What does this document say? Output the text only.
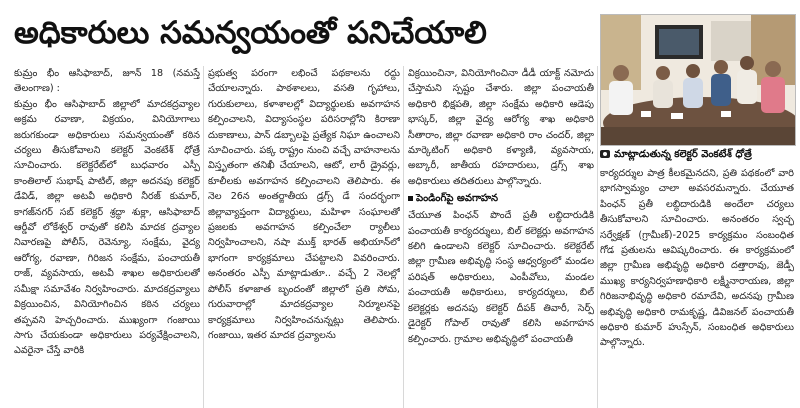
అధికారులు సమన్వయంతో పనిచేయాలి
మాట్లాడుతున్న కలెక్టర్ వెంకటేశ్ ధోత్రే

కుమ్రం భీం ఆసిఫాబాద్, జూన్ 18 (నమస్తే తెలంగాణ) :

కుమ్రం భీం ఆసిఫాబాద్ జిల్లాలో మాదకద్రవ్యాల అక్రమ రవాణా, విక్రయం, వినియోగాలు జరుగకుండా అధికారులు సమన్వయంతో కఠిన చర్యలు తీసుకోవాలని కలెక్టర్ వెంకటేశ్ ధోత్రే సూచించారు. కలెక్టరేట్‌లో బుధవారం ఎస్పీ కాంతిలాల్ సుభాష్ పాటిల్, జిల్లా అదనపు కలెక్టర్ డేవిడ్, జిల్లా అటవీ అధికారి నీరజ్ కుమార్, కాగజ్‌నగర్ సబ్ కలెక్టర్ శ్రద్ధా శుక్లా, ఆసిఫాబాద్ ఆర్డీవో లోకేశ్వర్ రావుతో కలిసి మాదక ద్రవ్యాల నివారణపై పోలీస్, రెవెన్యూ, సంక్షేమ, వైద్య ఆరోగ్య, రవాణా, గిరిజన సంక్షేమ, పంచాయతీ రాజ్, వ్యవసాయ, అటవీ శాఖల అధికారులతో సమీక్షా సమావేశం నిర్వహించారు. మాదకద్రవ్యాలు విక్రయించిన, వినియోగించిన కఠిన చర్యలు తప్పవని హెచ్చరించారు. ముఖ్యంగా గంజాయి సాగు చేయకుండా అధికారులు పర్యవేక్షించాలని, ఎవరైనా చేస్తే వారికి

ప్రభుత్వ పరంగా లభించే పథకాలను రద్దు చేయాలన్నారు. పాఠశాలలు, వసతి గృహాలు, గురుకులాలు, కళాశాలల్లో విద్యార్థులకు అవగాహన కల్పించాలని, విద్యాసంస్థల పరిసరాల్లోని కిరాణా దుకాణాలు, పాన్ డబ్బాలపై ప్రత్యేక నిఘా ఉంచాలని సూచించారు. పక్క రాష్ట్రం నుంచి వచ్చే వాహనాలను విస్తృతంగా తనిఖీ చేయాలని, ఆటో, లారీ డ్రైవర్లు, కూలీలకు అవగాహన కల్పించాలని తెలిపారు. ఈ నెల 26న అంతర్జాతీయ డ్రగ్స్ డే సందర్భంగా జిల్లావ్యాప్తంగా విద్యార్థులు, మహిళా సంఘాలతో ప్రజలకు అవగాహన కల్పించేలా ర్యాలీలు నిర్వహించాలని, నషా ముక్త్ భారత్ అభియాన్‌లో భాగంగా కార్యక్రమాలు చేపట్టాలని వివరించారు. అనంతరం ఎస్పీ మాట్లాడుతూ.. వచ్చే 2 నెలల్లో పోలీస్ కళాజాత బృందంతో జిల్లాలో ప్రతి సోమ, గురువారాల్లో మాదకద్రవ్యాల నిర్మూలనపై కార్యక్రమాలు నిర్వహించనున్నట్లు తెలిపారు. గంజాయి, ఇతర మాదక ద్రవ్యాలను

విక్రయించినా, వినియోగించినా డీడీ యాక్ట్ నమోదు చేస్తామని స్పష్టం చేశారు. జిల్లా పంచాయతీ అధికారి భిక్షపతి, జిల్లా సంక్షేమ అధికారి ఆడెపు భాస్కర్, జిల్లా వైద్య ఆరోగ్య శాఖ అధికారి సీతారాం, జిల్లా రవాణా అధికారి రాం చందర్, జిల్లా మార్కెటింగ్ అధికారి కళ్యాణి, వ్యవసాయ, అబ్కారీ, జాతీయ రహదారులు, డ్రగ్స్ శాఖ అధికారులు తదితరులు పాల్గొన్నారు.

పెండింగ్‌పై అవగాహన

చేయూత పింఛన్ పొందే ప్రతీ లబ్ధిదారుడికి పంచాయతీ కార్యదర్శులు, బిల్ కలెక్టర్లు అవగాహన కలిగి ఉండాలని కలెక్టర్ సూచించారు. కలెక్టరేట్ జిల్లా గ్రామీణ అభివృద్ధి సంస్థ ఆధ్వర్యంలో మండల పరిషత్ అధికారులు, ఎంపీవోలు, మండల పంచాయతీ అధికారులు, కార్యదర్శులు, బిల్ కలెక్టర్లకు అదనపు కలెక్టర్ దీపక్ తివారీ, సెర్ప్ డైరెక్టర్ గోపాల్ రావుతో కలిసి అవగాహన కల్పించారు. గ్రామాల అభివృద్ధిలో పంచాయతీ

కార్యదర్శుల పాత్ర కీలకమైనదని, ప్రతి పథకంలో వారి భాగస్వామ్యం చాలా అవసరమన్నారు. చేయూత పింఛన్ ప్రతీ లబ్ధిదారుడికి అందేలా చర్యలు తీసుకోవాలని సూచించారు. అనంతరం స్వచ్ఛ సర్వేక్షణ్ (గ్రామీణ్)-2025 కార్యక్రమం సంబంధిత గోడ ప్రతులను ఆవిష్కరించారు. ఈ కార్యక్రమంలో జిల్లా గ్రామీణ అభివృద్ధి అధికారి దత్తారావు, జెడ్పీ ముఖ్య కార్యనిర్వహణాధికారి లక్ష్మీనారాయణ, జిల్లా గిరిజనాభివృద్ధి అధికారి రమాదేవి, అదనపు గ్రామీణ అభివృద్ధి అధికారి రామకృష్ణ, డివిజనల్ పంచాయతీ అధికారి కుమార్ హుస్సేన్, సంబంధిత అధికారులు పాల్గొన్నారు.
